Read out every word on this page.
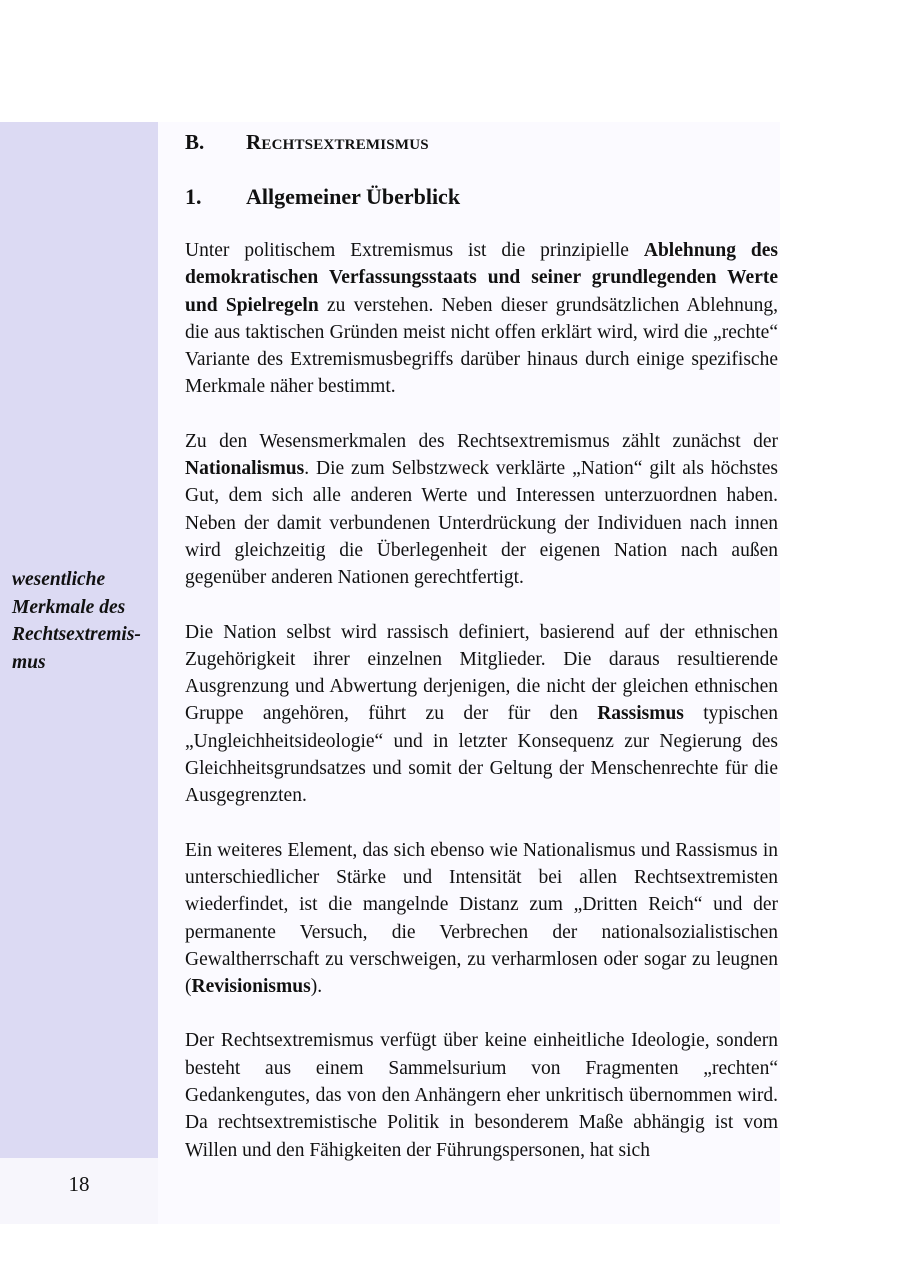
18
wesentliche
Merkmale des
Rechtsextremis-
mus
B.	Rechtsextremismus
1.	Allgemeiner Überblick

Unter politischem Extremismus ist die prinzipielle Ablehnung des demokratischen Verfassungsstaats und seiner grundlegenden Werte und Spielregeln zu verstehen. Neben dieser grundsätzlichen Ablehnung, die aus taktischen Gründen meist nicht offen erklärt wird, wird die „rechte“ Variante des Extremismusbegriffs darüber hinaus durch einige spezifische Merkmale näher bestimmt.

Zu den Wesensmerkmalen des Rechtsextremismus zählt zunächst der Nationalismus. Die zum Selbstzweck verklärte „Nation“ gilt als höchstes Gut, dem sich alle anderen Werte und Interessen unterzuordnen haben. Neben der damit verbundenen Unterdrückung der Individuen nach innen wird gleichzeitig die Überlegenheit der eigenen Nation nach außen gegenüber anderen Nationen gerechtfertigt.

Die Nation selbst wird rassisch definiert, basierend auf der ethnischen Zugehörigkeit ihrer einzelnen Mitglieder. Die daraus resultierende Ausgrenzung und Abwertung derjenigen, die nicht der gleichen ethnischen Gruppe angehören, führt zu der für den Rassismus typischen „Ungleichheitsideologie“ und in letzter Konsequenz zur Negierung des Gleichheitsgrundsatzes und somit der Geltung der Menschenrechte für die Ausgegrenzten.

Ein weiteres Element, das sich ebenso wie Nationalismus und Rassismus in unterschiedlicher Stärke und Intensität bei allen Rechtsextremisten wiederfindet, ist die mangelnde Distanz zum „Dritten Reich“ und der permanente Versuch, die Verbrechen der nationalsozialistischen Gewaltherrschaft zu verschweigen, zu verharmlosen oder sogar zu leugnen (Revisionismus).

Der Rechtsextremismus verfügt über keine einheitliche Ideologie, sondern besteht aus einem Sammelsurium von Fragmenten „rechten“ Gedankengutes, das von den Anhängern eher unkritisch übernommen wird. Da rechtsextremistische Politik in besonderem Maße abhängig ist vom Willen und den Fähigkeiten der Führungspersonen, hat sich
